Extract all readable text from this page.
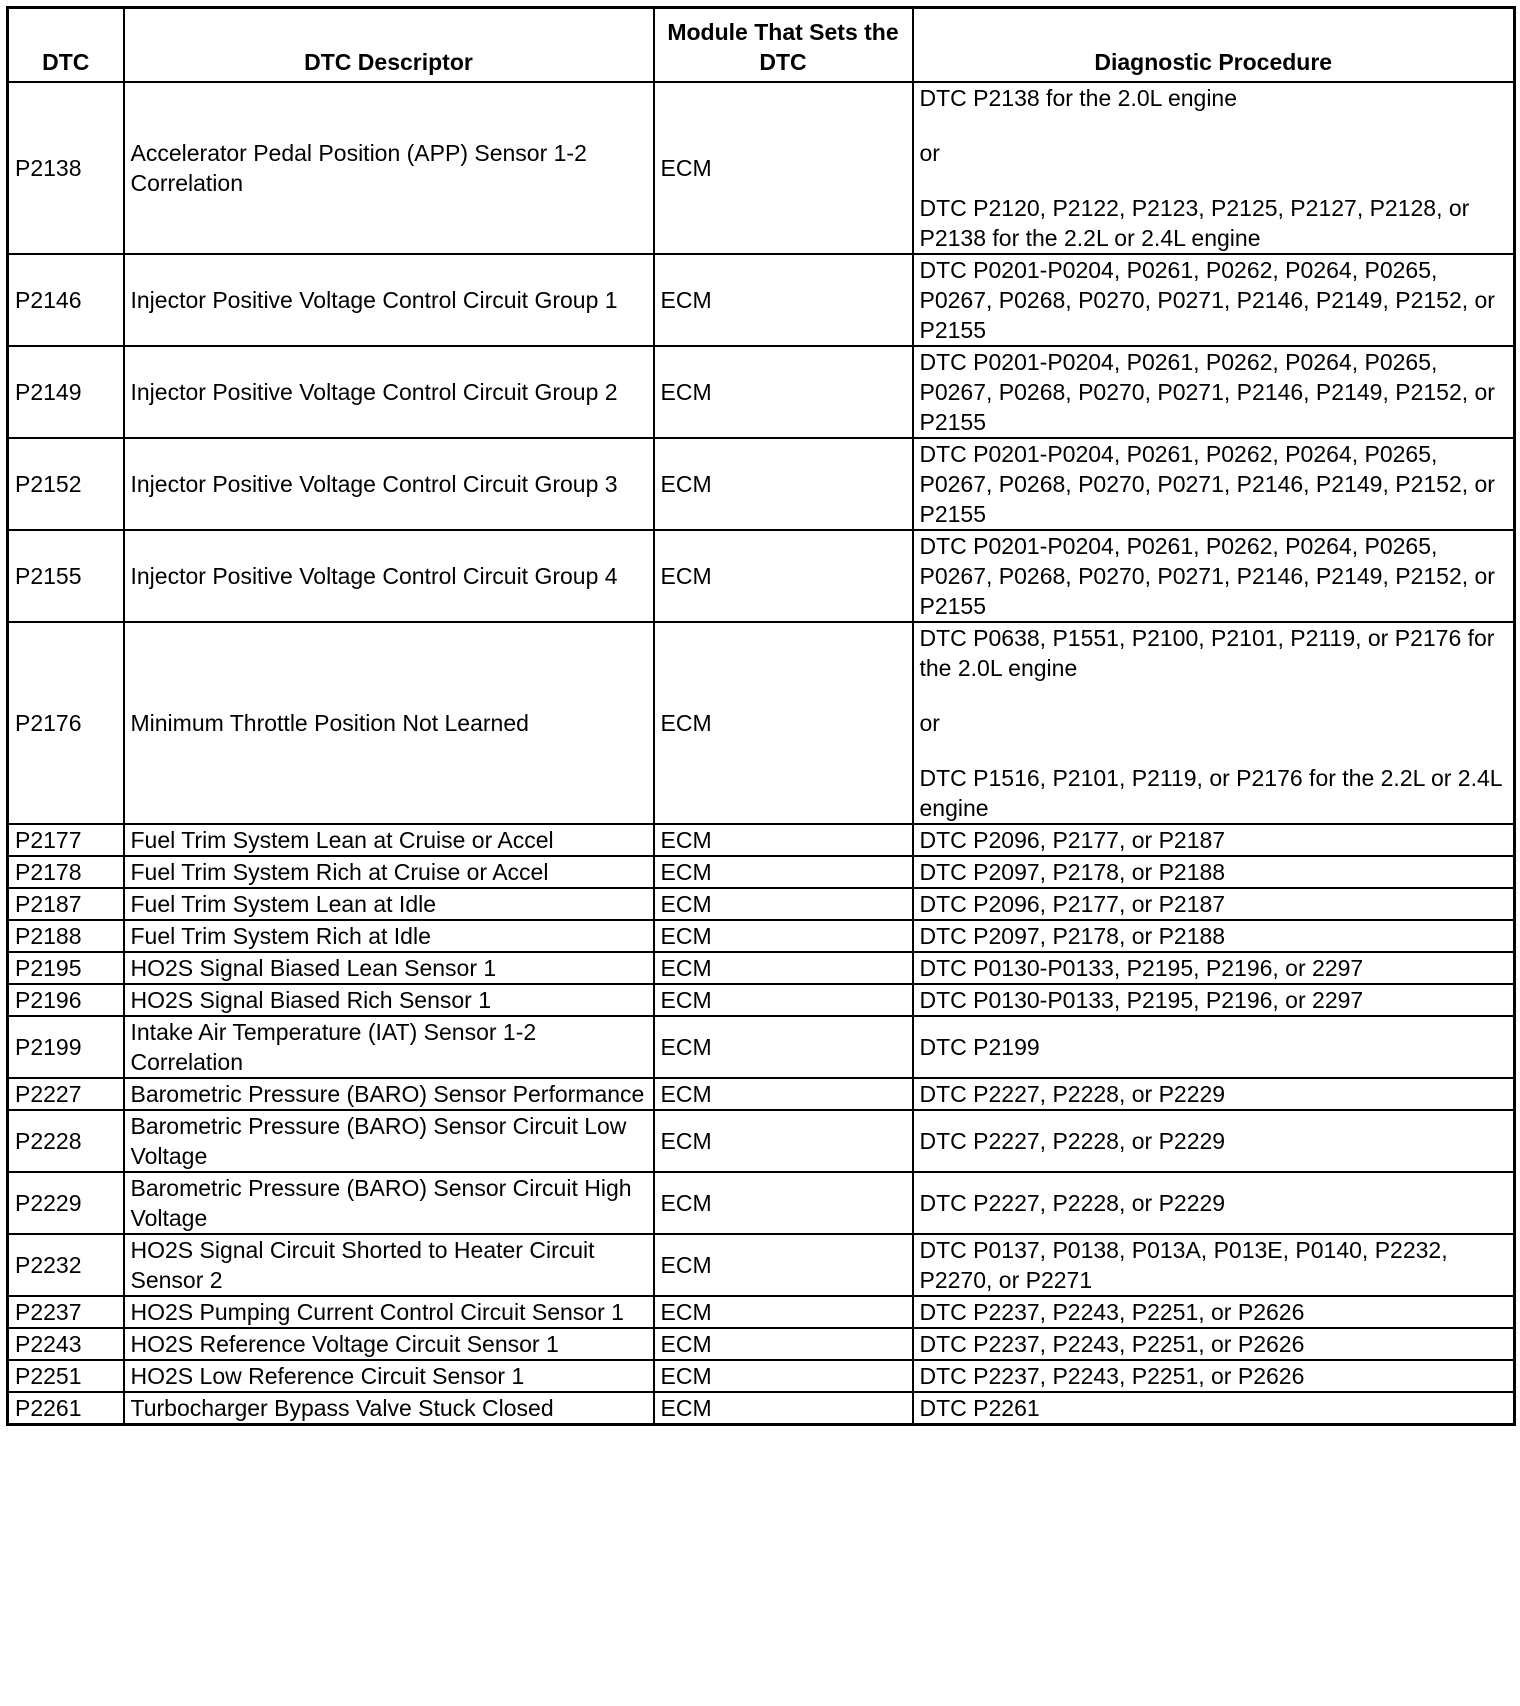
DTC	DTC Descriptor	Module That Sets the DTC	Diagnostic Procedure
P2138	Accelerator Pedal Position (APP) Sensor 1-2 Correlation	ECM	DTC P2138 for the 2.0L engine

or

DTC P2120, P2122, P2123, P2125, P2127, P2128, or P2138 for the 2.2L or 2.4L engine

P2146	Injector Positive Voltage Control Circuit Group 1	ECM	DTC P0201-P0204, P0261, P0262, P0264, P0265, P0267, P0268, P0270, P0271, P2146, P2149, P2152, or P2155

P2149	Injector Positive Voltage Control Circuit Group 2	ECM	DTC P0201-P0204, P0261, P0262, P0264, P0265, P0267, P0268, P0270, P0271, P2146, P2149, P2152, or P2155

P2152	Injector Positive Voltage Control Circuit Group 3	ECM	DTC P0201-P0204, P0261, P0262, P0264, P0265, P0267, P0268, P0270, P0271, P2146, P2149, P2152, or P2155

P2155	Injector Positive Voltage Control Circuit Group 4	ECM	DTC P0201-P0204, P0261, P0262, P0264, P0265, P0267, P0268, P0270, P0271, P2146, P2149, P2152, or P2155

P2176	Minimum Throttle Position Not Learned	ECM	DTC P0638, P1551, P2100, P2101, P2119, or P2176 for the 2.0L engine

or

DTC P1516, P2101, P2119, or P2176 for the 2.2L or 2.4L engine

P2177	Fuel Trim System Lean at Cruise or Accel	ECM	DTC P2096, P2177, or P2187

P2178	Fuel Trim System Rich at Cruise or Accel	ECM	DTC P2097, P2178, or P2188

P2187	Fuel Trim System Lean at Idle	ECM	DTC P2096, P2177, or P2187

P2188	Fuel Trim System Rich at Idle	ECM	DTC P2097, P2178, or P2188

P2195	HO2S Signal Biased Lean Sensor 1	ECM	DTC P0130-P0133, P2195, P2196, or 2297

P2196	HO2S Signal Biased Rich Sensor 1	ECM	DTC P0130-P0133, P2195, P2196, or 2297

P2199	Intake Air Temperature (IAT) Sensor 1-2 Correlation	ECM	DTC P2199

P2227	Barometric Pressure (BARO) Sensor Performance	ECM	DTC P2227, P2228, or P2229

P2228	Barometric Pressure (BARO) Sensor Circuit Low Voltage	ECM	DTC P2227, P2228, or P2229

P2229	Barometric Pressure (BARO) Sensor Circuit High Voltage	ECM	DTC P2227, P2228, or P2229

P2232	HO2S Signal Circuit Shorted to Heater Circuit Sensor 2	ECM	DTC P0137, P0138, P013A, P013E, P0140, P2232, P2270, or P2271

P2237	HO2S Pumping Current Control Circuit Sensor 1	ECM	DTC P2237, P2243, P2251, or P2626

P2243	HO2S Reference Voltage Circuit Sensor 1	ECM	DTC P2237, P2243, P2251, or P2626

P2251	HO2S Low Reference Circuit Sensor 1	ECM	DTC P2237, P2243, P2251, or P2626

P2261	Turbocharger Bypass Valve Stuck Closed	ECM	DTC P2261
